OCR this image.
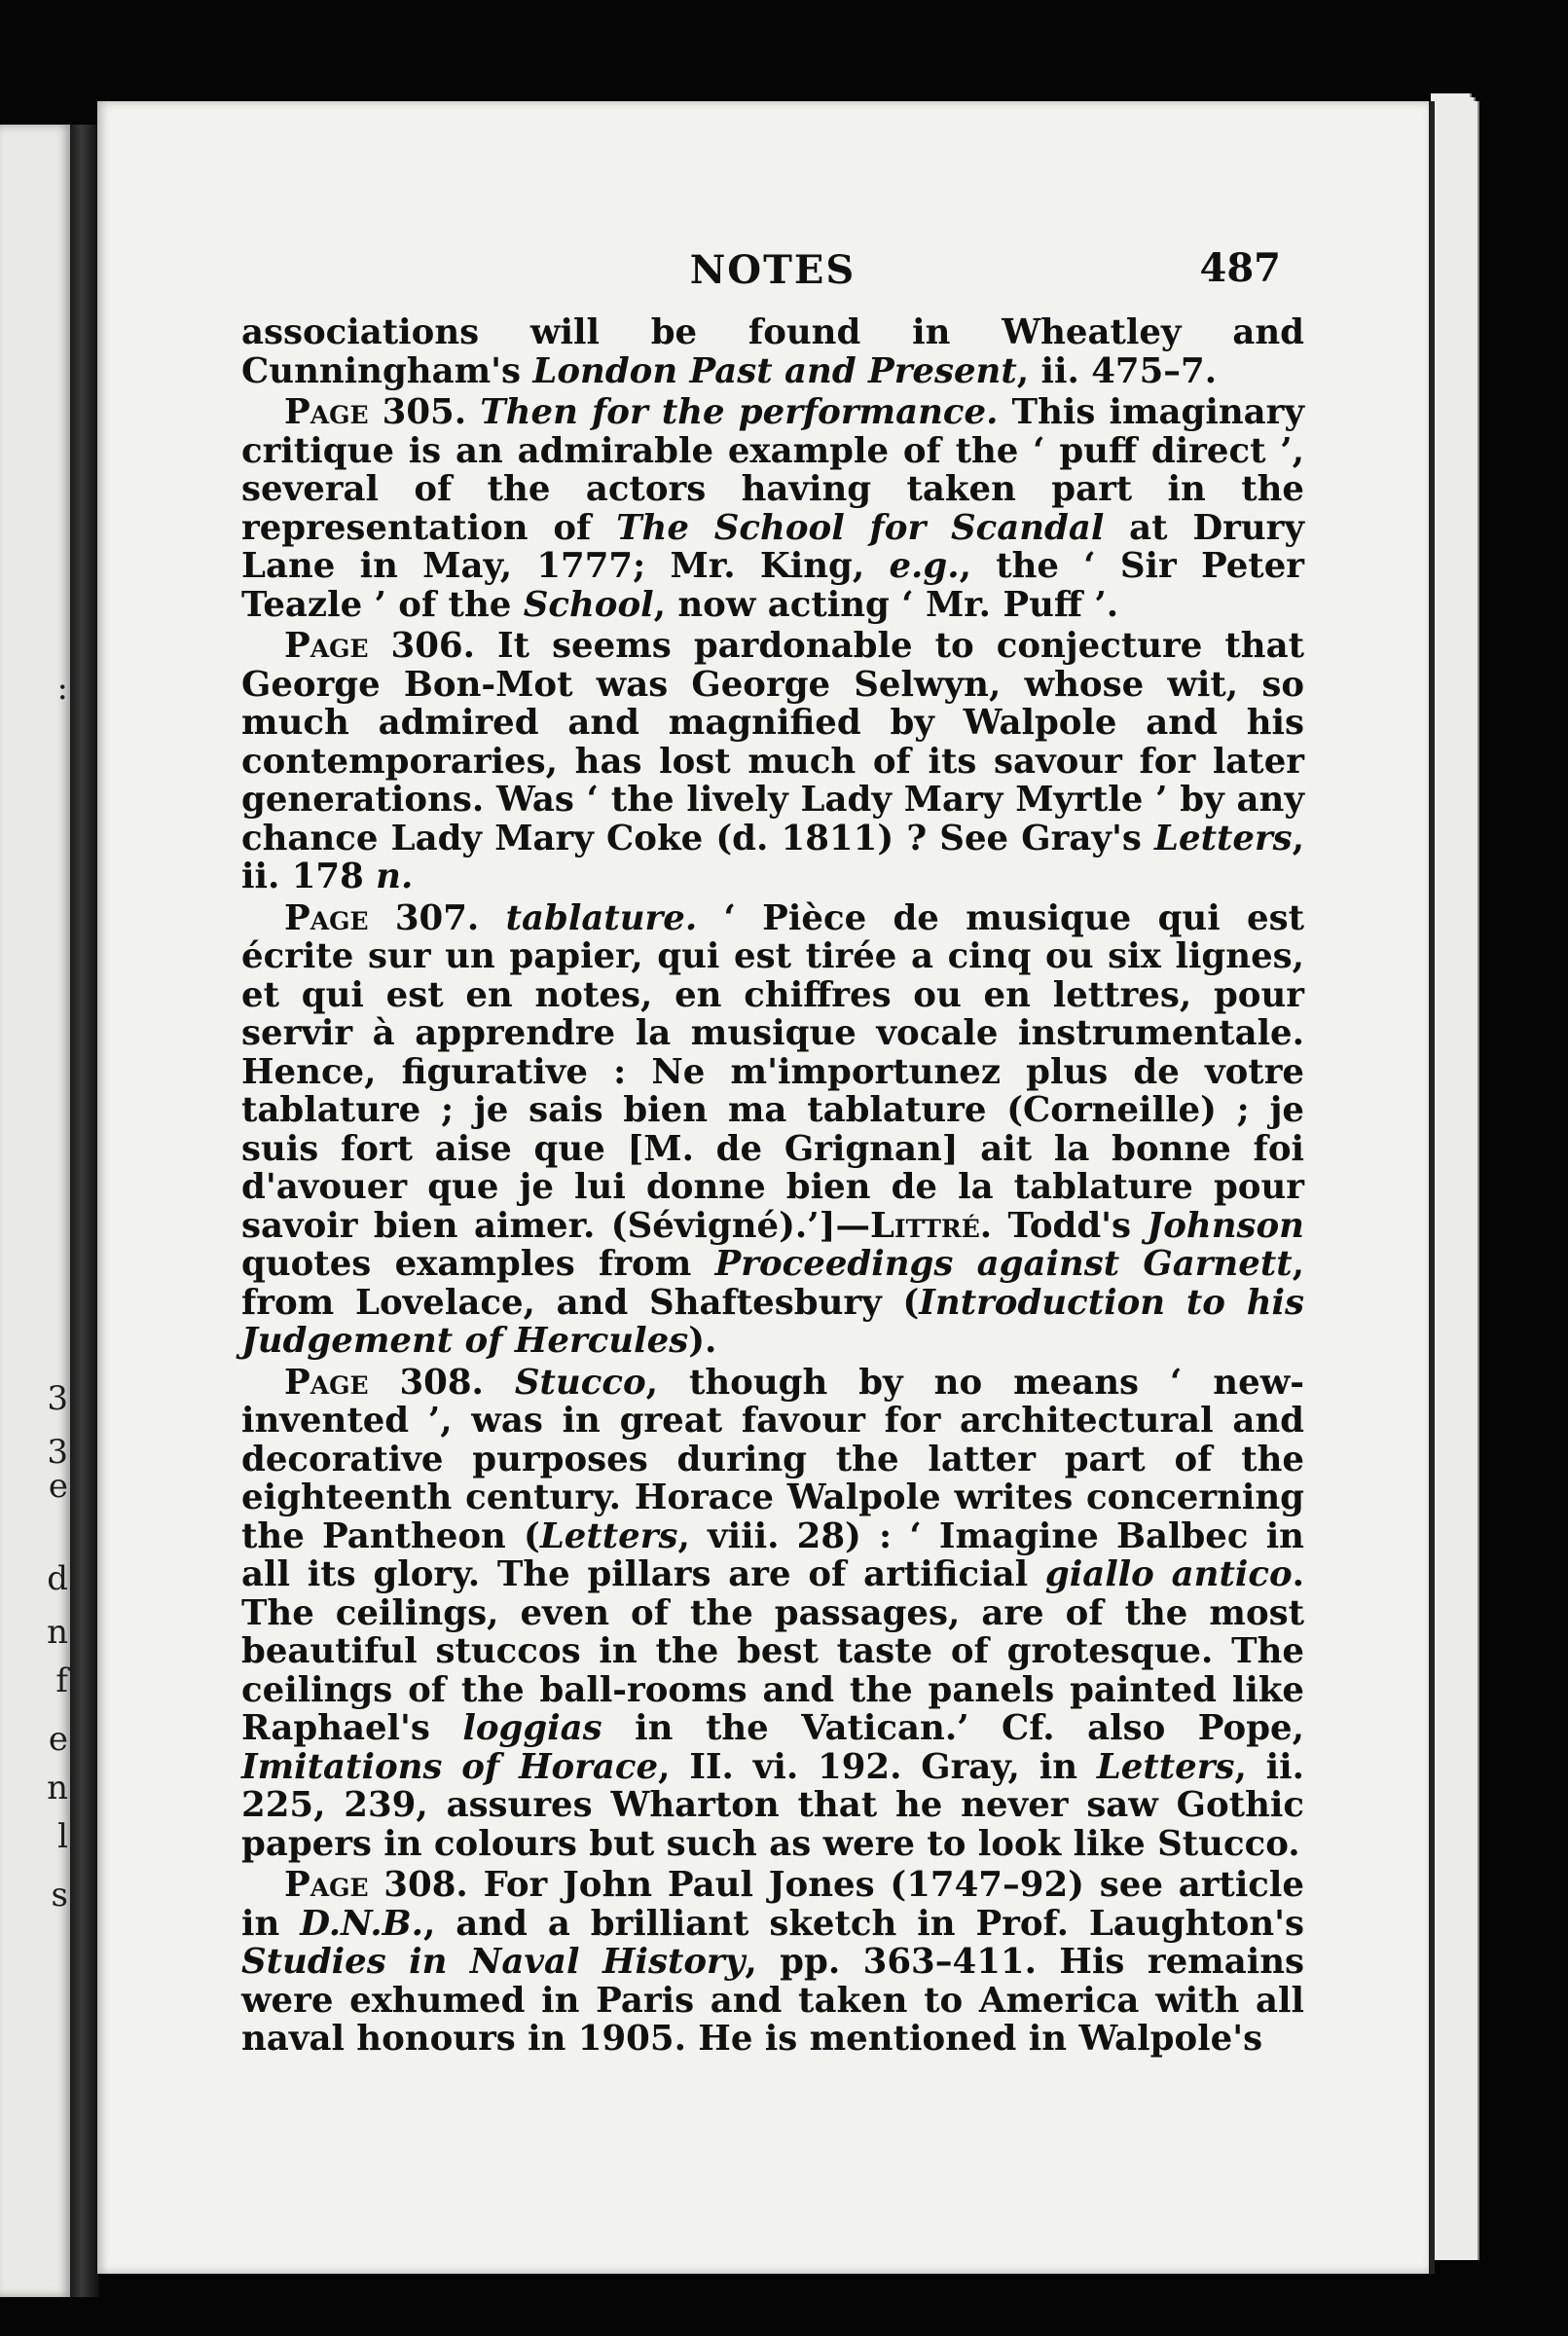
:
3
3
e
d
n
f
e
n
l
s
NOTES	487

associations will be found in Wheatley and Cunningham's London Past and Present, ii. 475–7.

Page 305. Then for the performance. This imaginary critique is an admirable example of the ‘ puff direct ’, several of the actors having taken part in the representation of The School for Scandal at Drury Lane in May, 1777; Mr. King, e.g., the ‘ Sir Peter Teazle ’ of the School, now acting ‘ Mr. Puff ’.

Page 306. It seems pardonable to conjecture that George Bon-Mot was George Selwyn, whose wit, so much admired and magnified by Walpole and his contemporaries, has lost much of its savour for later generations. Was ‘ the lively Lady Mary Myrtle ’ by any chance Lady Mary Coke (d. 1811) ? See Gray's Letters, ii. 178 n.

Page 307. tablature. ‘ Pièce de musique qui est écrite sur un papier, qui est tirée a cinq ou six lignes, et qui est en notes, en chiffres ou en lettres, pour servir à apprendre la musique vocale instrumentale. Hence, figurative : Ne m'importunez plus de votre tablature ; je sais bien ma tablature (Corneille) ; je suis fort aise que [M. de Grignan] ait la bonne foi d'avouer que je lui donne bien de la tablature pour savoir bien aimer. (Sévigné).’]—Littré. Todd's Johnson quotes examples from Proceedings against Garnett, from Lovelace, and Shaftesbury (Introduction to his Judgement of Hercules).

Page 308. Stucco, though by no means ‘ new-invented ’, was in great favour for architectural and decorative purposes during the latter part of the eighteenth century. Horace Walpole writes concerning the Pantheon (Letters, viii. 28) : ‘ Imagine Balbec in all its glory. The pillars are of artificial giallo antico. The ceilings, even of the passages, are of the most beautiful stuccos in the best taste of grotesque. The ceilings of the ball-rooms and the panels painted like Raphael's loggias in the Vatican.’ Cf. also Pope, Imitations of Horace, II. vi. 192. Gray, in Letters, ii. 225, 239, assures Wharton that he never saw Gothic papers in colours but such as were to look like Stucco.

Page 308. For John Paul Jones (1747–92) see article in D.N.B., and a brilliant sketch in Prof. Laughton's Studies in Naval History, pp. 363–411. His remains were exhumed in Paris and taken to America with all naval honours in 1905. He is mentioned in Walpole's
